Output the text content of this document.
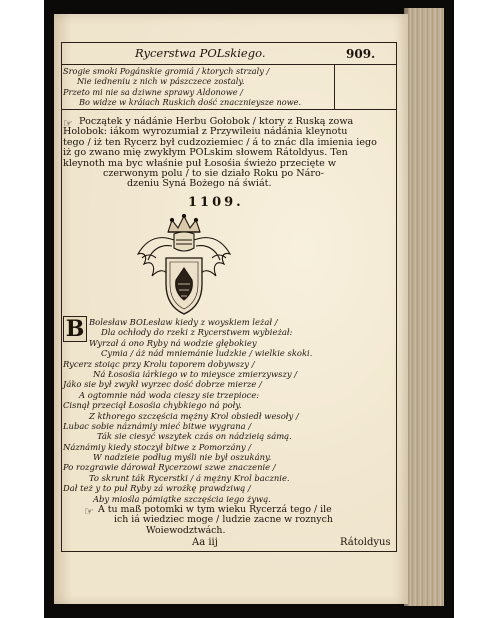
Rycerstwa POLskiego.	909.
Srogie smoki Pogánskie gromiá / ktorych strzaly /
Nie iedneniu z nich w pászczece zostaly.
Przeto mi nie sa dziwne sprawy Aldonowe /
Bo widze w kráiach Ruskich dość znacznieysze nowe.
☞ Początek y nádánie Herbu Gołobok / ktory z Ruską zowa
Holobok: iákom wyrozumiał z Przywileiu nádánia kleynotu
tego / iż ten Rycerz był cudzoziemiec / á to znác dla imienia iego
iż go zwano mię zwykłym POLskim słowem Rátoldyus. Ten
kleynoth ma byc właśnie puł Łosośia świeżo przecięte w
czerwonym polu / to sie działo Roku po Náro-
dzeniu Syná Bożego ná świát.
1109.
B Bolesław BOLesław kiedy z woyskiem leżał /
Dla ochłody do rzeki z Rycerstwem wybieżał:
Wyrzał á ono Ryby ná wodzie głębokiey
Cymia / áż nád mniemánie ludzkie / wielkie skoki.
Rycerz stoiąc przy Krolu toporem dobywszy /
Ná Łosośia iárkiego w to mieysce zmierzywszy /
Jáko sie był zwykł wyrzec dość dobrze mierze /
A ogtomnie nád woda cieszy sie trzepioce:
Cisnął przeciął Łosośia chybkiego ná poły.
Z kthorego szczęścia mężny Krol obsiedł wesoły /
Lubac sobie náznámiy mieć bitwe wygrana /
Ták sie ciesyć wszytek czás on nádzieią sámą.
Náznámiy kiedy stoczył bitwe z Pomorzány /
W nadzieie podług myśli nie był oszukány.
Po rozgrawie dárował Rycerzowi szwe znaczenie /
To skrunt ták Rycerstki / á mężny Krol bacznie.
Dał też y to puł Ryby zá wrożkę prawdziwą /
Aby miośla pámiątke szczęścia iego żywą.
☞ A tu maß potomki w tym wieku Rycerzá tego / ile
ich iá wiedziec moge / ludzie zacne w roznych
Woiewodztwách.
Aa iij	Rátoldyus
